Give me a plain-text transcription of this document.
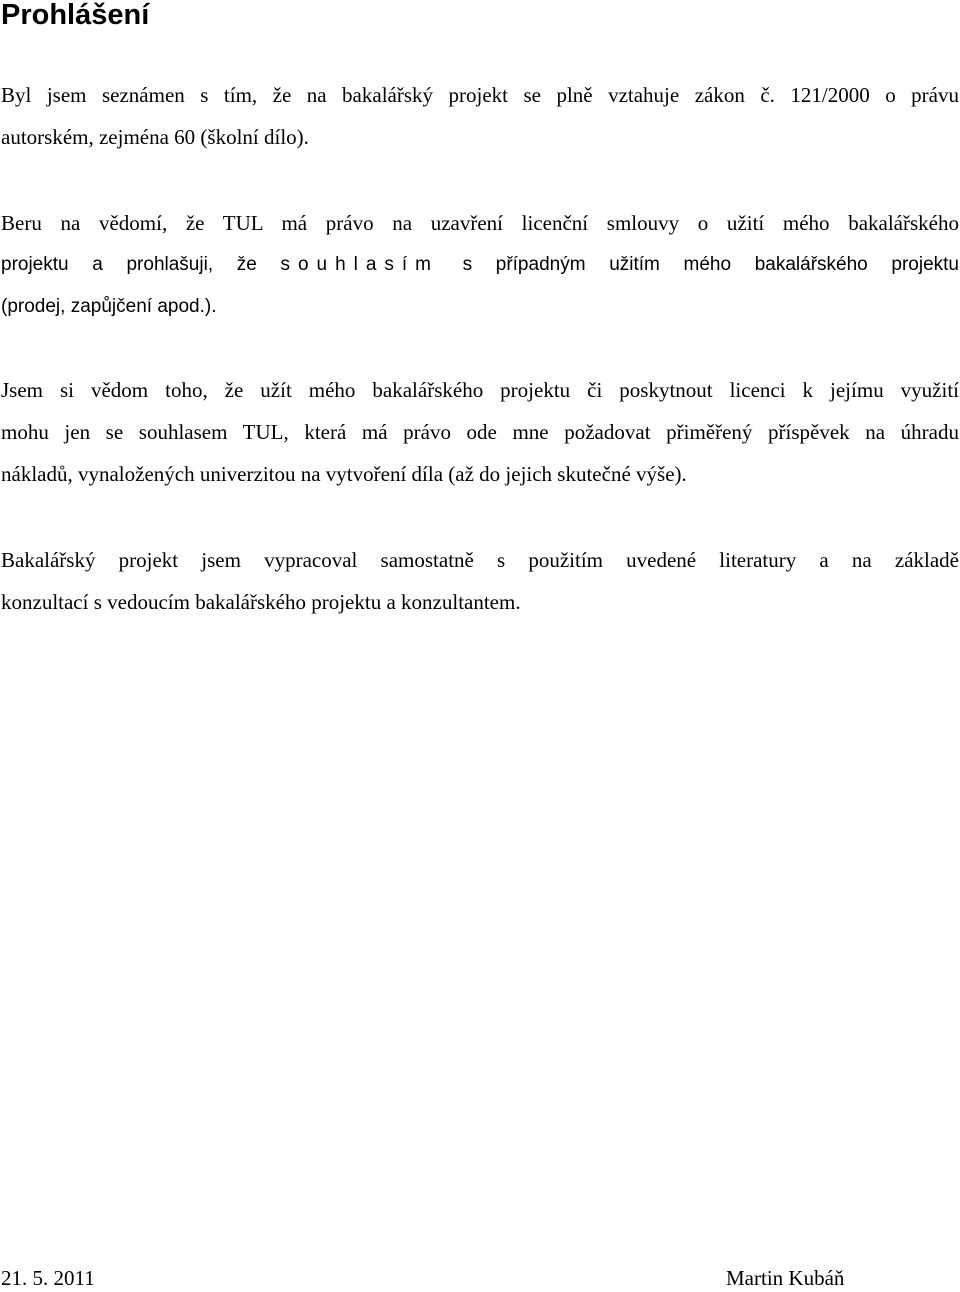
Prohlášení
Byl jsem seznámen s tím, že na bakalářský projekt se plně vztahuje zákon č. 121/2000 o právu
autorském, zejména 60 (školní dílo).
Beru na vědomí, že TUL má právo na uzavření licenční smlouvy o užití mého bakalářského
projektu a prohlašuji, že souhlasím s případným užitím mého bakalářského projektu
(prodej, zapůjčení apod.).
Jsem si vědom toho, že užít mého bakalářského projektu či poskytnout licenci k jejímu využití
mohu jen se souhlasem TUL, která má právo ode mne požadovat přiměřený příspěvek na úhradu
nákladů, vynaložených univerzitou na vytvoření díla (až do jejich skutečné výše).
Bakalářský projekt jsem vypracoval samostatně s použitím uvedené literatury a na základě
konzultací s vedoucím bakalářského projektu a konzultantem.
21. 5. 2011	Martin Kubáň
